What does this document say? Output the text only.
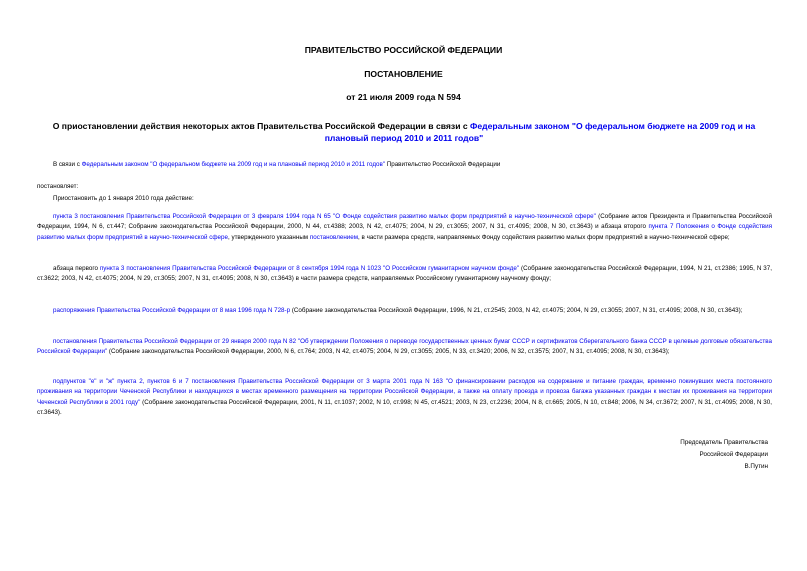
ПРАВИТЕЛЬСТВО РОССИЙСКОЙ ФЕДЕРАЦИИ
ПОСТАНОВЛЕНИЕ
от 21 июля 2009 года N 594
О приостановлении действия некоторых актов Правительства Российской Федерации в связи с Федеральным законом "О федеральном бюджете на 2009 год и на плановый период 2010 и 2011 годов"
В связи с Федеральным законом "О федеральном бюджете на 2009 год и на плановый период 2010 и 2011 годов" Правительство Российской Федерации
постановляет:
Приостановить до 1 января 2010 года действие:
пункта 3 постановления Правительства Российской Федерации от 3 февраля 1994 года N 65 "О Фонде содействия развитию малых форм предприятий в научно-технической сфере" (Собрание актов Президента и Правительства Российской Федерации, 1994, N 6, ст.447; Собрание законодательства Российской Федерации, 2000, N 44, ст.4388; 2003, N 42, ст.4075; 2004, N 29, ст.3055; 2007, N 31, ст.4095; 2008, N 30, ст.3643) и абзаца второго пункта 7 Положения о Фонде содействия развитию малых форм предприятий в научно-технической сфере, утвержденного указанным постановлением, в части размера средств, направляемых Фонду содействия развитию малых форм предприятий в научно-технической сфере;
абзаца первого пункта 3 постановления Правительства Российской Федерации от 8 сентября 1994 года N 1023 "О Российском гуманитарном научном фонде" (Собрание законодательства Российской Федерации, 1994, N 21, ст.2386; 1995, N 37, ст.3622; 2003, N 42, ст.4075; 2004, N 29, ст.3055; 2007, N 31, ст.4095; 2008, N 30, ст.3643) в части размера средств, направляемых Российскому гуманитарному научному фонду;
распоряжения Правительства Российской Федерации от 8 мая 1996 года N 728-р (Собрание законодательства Российской Федерации, 1996, N 21, ст.2545; 2003, N 42, ст.4075; 2004, N 29, ст.3055; 2007, N 31, ст.4095; 2008, N 30, ст.3643);
постановления Правительства Российской Федерации от 29 января 2000 года N 82 "Об утверждении Положения о переводе государственных ценных бумаг СССР и сертификатов Сберегательного банка СССР в целевые долговые обязательства Российской Федерации" (Собрание законодательства Российской Федерации, 2000, N 6, ст.764; 2003, N 42, ст.4075; 2004, N 29, ст.3055; 2005, N 33, ст.3420; 2006, N 32, ст.3575; 2007, N 31, ст.4095; 2008, N 30, ст.3643);
подпунктов "е" и "ж" пункта 2, пунктов 6 и 7 постановления Правительства Российской Федерации от 3 марта 2001 года N 163 "О финансировании расходов на содержание и питание граждан, временно покинувших места постоянного проживания на территории Чеченской Республики и находящихся в местах временного размещения на территории Российской Федерации, а также на оплату проезда и провоза багажа указанных граждан к местам их проживания на территории Чеченской Республики в 2001 году" (Собрание законодательства Российской Федерации, 2001, N 11, ст.1037; 2002, N 10, ст.998; N 45, ст.4521; 2003, N 23, ст.2236; 2004, N 8, ст.665; 2005, N 10, ст.848; 2006, N 34, ст.3672; 2007, N 31, ст.4095; 2008, N 30, ст.3643).
Председатель Правительства
Российской Федерации
В.Путин
